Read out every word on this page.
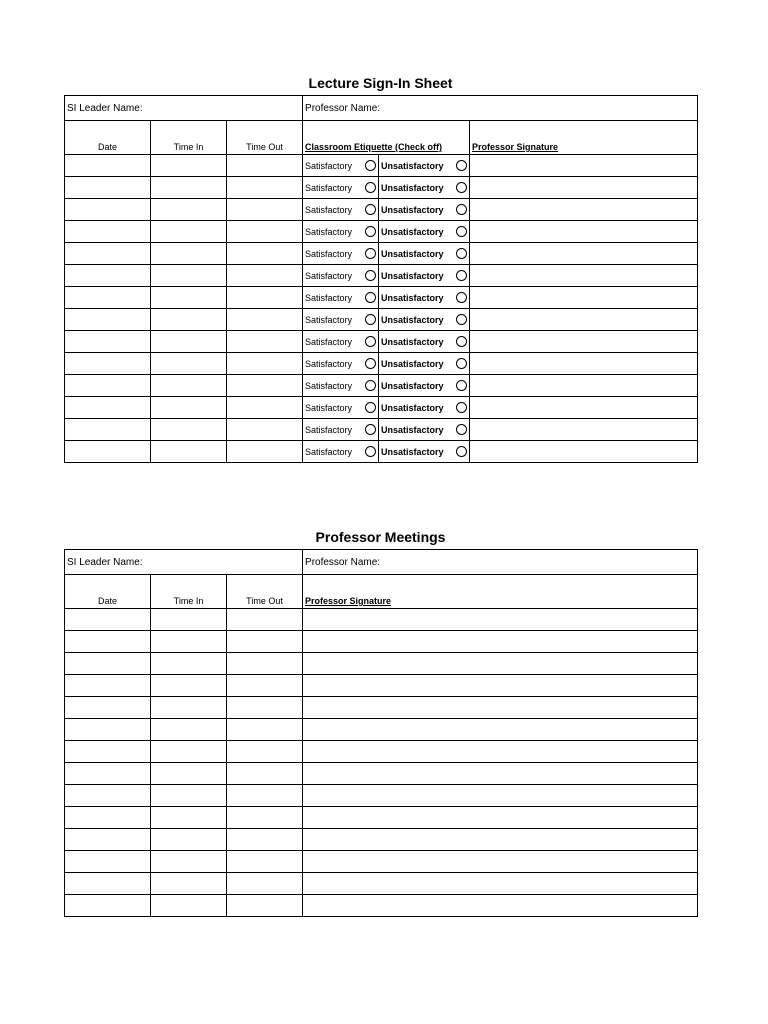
Lecture Sign-In Sheet
SI Leader Name:			Professor Name:		
Date	Time In	Time Out	Classroom Etiquette (Check off)		Professor Signature

			Satisfactory	Unsatisfactory	

			Satisfactory	Unsatisfactory	

			Satisfactory	Unsatisfactory	

			Satisfactory	Unsatisfactory	

			Satisfactory	Unsatisfactory	

			Satisfactory	Unsatisfactory	

			Satisfactory	Unsatisfactory	

			Satisfactory	Unsatisfactory	

			Satisfactory	Unsatisfactory	

			Satisfactory	Unsatisfactory	

			Satisfactory	Unsatisfactory	

			Satisfactory	Unsatisfactory	

			Satisfactory	Unsatisfactory	

			Satisfactory	Unsatisfactory	

Professor Meetings
SI Leader Name:			Professor Name:
Date	Time In	Time Out	Professor Signature
